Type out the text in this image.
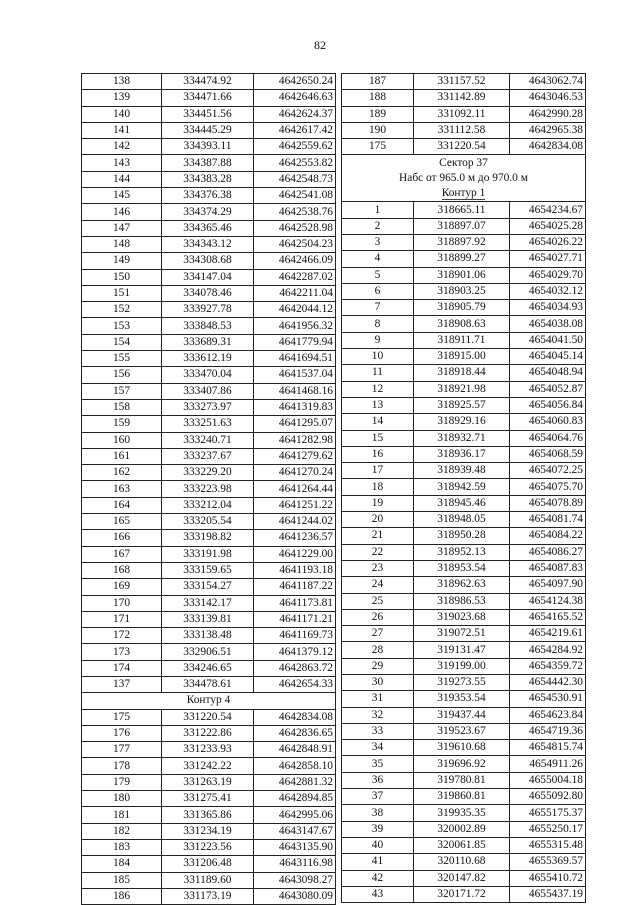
82
138	334474.92	4642650.24
139	334471.66	4642646.63
140	334451.56	4642624.37
141	334445.29	4642617.42
142	334393.11	4642559.62
143	334387.88	4642553.82
144	334383.28	4642548.73
145	334376.38	4642541.08
146	334374.29	4642538.76
147	334365.46	4642528.98
148	334343.12	4642504.23
149	334308.68	4642466.09
150	334147.04	4642287.02
151	334078.46	4642211.04
152	333927.78	4642044.12
153	333848.53	4641956.32
154	333689.31	4641779.94
155	333612.19	4641694.51
156	333470.04	4641537.04
157	333407.86	4641468.16
158	333273.97	4641319.83
159	333251.63	4641295.07
160	333240.71	4641282.98
161	333237.67	4641279.62
162	333229.20	4641270.24
163	333223.98	4641264.44
164	333212.04	4641251.22
165	333205.54	4641244.02
166	333198.82	4641236.57
167	333191.98	4641229.00
168	333159.65	4641193.18
169	333154.27	4641187.22
170	333142.17	4641173.81
171	333139.81	4641171.21
172	333138.48	4641169.73
173	332906.51	4641379.12
174	334246.65	4642863.72
137	334478.61	4642654.33
Контур 4		
175	331220.54	4642834.08
176	331222.86	4642836.65
177	331233.93	4642848.91
178	331242.22	4642858.10
179	331263.19	4642881.32
180	331275.41	4642894.85
181	331365.86	4642995.06
182	331234.19	4643147.67
183	331223.56	4643135.90
184	331206.48	4643116.98
185	331189.60	4643098.27
186	331173.19	4643080.09
187	331157.52	4643062.74
188	331142.89	4643046.53
189	331092.11	4642990.28
190	331112.58	4642965.38
175	331220.54	4642834.08
Сектор 37		
Набс от 965.0 м до 970.0 м		
Контур 1		
1	318665.11	4654234.67
2	318897.07	4654025.28
3	318897.92	4654026.22
4	318899.27	4654027.71
5	318901.06	4654029.70
6	318903.25	4654032.12
7	318905.79	4654034.93
8	318908.63	4654038.08
9	318911.71	4654041.50
10	318915.00	4654045.14
11	318918.44	4654048.94
12	318921.98	4654052.87
13	318925.57	4654056.84
14	318929.16	4654060.83
15	318932.71	4654064.76
16	318936.17	4654068.59
17	318939.48	4654072.25
18	318942.59	4654075.70
19	318945.46	4654078.89
20	318948.05	4654081.74
21	318950.28	4654084.22
22	318952.13	4654086.27
23	318953.54	4654087.83
24	318962.63	4654097.90
25	318986.53	4654124.38
26	319023.68	4654165.52
27	319072.51	4654219.61
28	319131.47	4654284.92
29	319199.00	4654359.72
30	319273.55	4654442.30
31	319353.54	4654530.91
32	319437.44	4654623.84
33	319523.67	4654719.36
34	319610.68	4654815.74
35	319696.92	4654911.26
36	319780.81	4655004.18
37	319860.81	4655092.80
38	319935.35	4655175.37
39	320002.89	4655250.17
40	320061.85	4655315.48
41	320110.68	4655369.57
42	320147.82	4655410.72
43	320171.72	4655437.19
